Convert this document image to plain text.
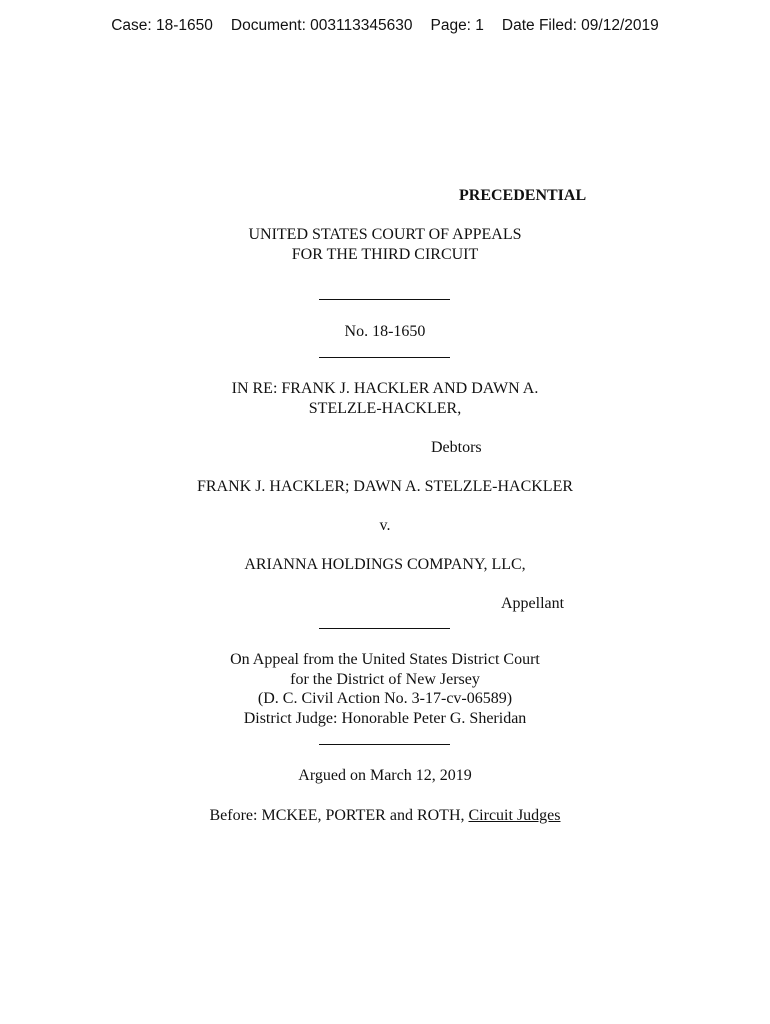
Case: 18-1650 Document: 003113345630 Page: 1 Date Filed: 09/12/2019
PRECEDENTIAL
UNITED STATES COURT OF APPEALS
FOR THE THIRD CIRCUIT
No. 18-1650
IN RE: FRANK J. HACKLER AND DAWN A.
STELZLE-HACKLER,
Debtors
FRANK J. HACKLER; DAWN A. STELZLE-HACKLER
v.
ARIANNA HOLDINGS COMPANY, LLC,
Appellant
On Appeal from the United States District Court
for the District of New Jersey
(D. C. Civil Action No. 3-17-cv-06589)
District Judge: Honorable Peter G. Sheridan
Argued on March 12, 2019
Before: MCKEE, PORTER and ROTH, Circuit Judges
